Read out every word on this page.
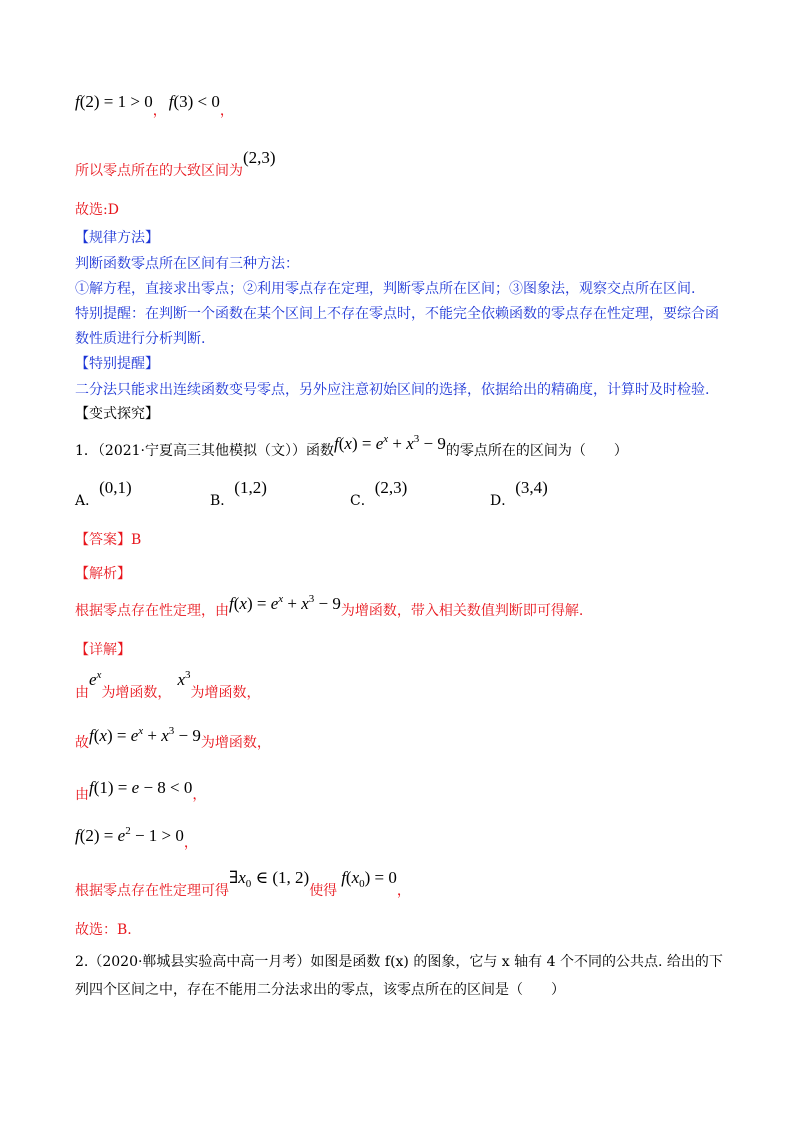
f(2) = 1 > 0， f(3) < 0，
所以零点所在的大致区间为(2,3)
故选:D
【规律方法】
判断函数零点所在区间有三种方法：
①解方程，直接求出零点；②利用零点存在定理，判断零点所在区间；③图象法，观察交点所在区间.
特别提醒：在判断一个函数在某个区间上不存在零点时，不能完全依赖函数的零点存在性定理，要综合函
数性质进行分析判断.
【特别提醒】
二分法只能求出连续函数变号零点，另外应注意初始区间的选择，依据给出的精确度，计算时及时检验.
【变式探究】
1．（2021·宁夏高三其他模拟（文））函数$f(x) = e^x + x^3 - 9$的零点所在的区间为（　　）
A．(0,1)
B．(1,2)
C．(2,3)
D．(3,4)
【答案】B
【解析】
根据零点存在性定理，由$f(x) = e^x + x^3 - 9$为增函数，带入相关数值判断即可得解.
【详解】
由$e^x$为增函数，$x^3$为增函数，
故$f(x) = e^x + x^3 - 9$为增函数，
由f(1) = e − 8 < 0，
$f(2) = e^2 - 1 > 0$，
根据零点存在性定理可得$\exists x_0$ ∈ (1, 2)使得$f(x_0) = 0$，
故选：B.
2.（2020·郸城县实验高中高一月考）如图是函数 f(x) 的图象，它与 x 轴有 4 个不同的公共点. 给出的下
列四个区间之中，存在不能用二分法求出的零点，该零点所在的区间是（　　）
